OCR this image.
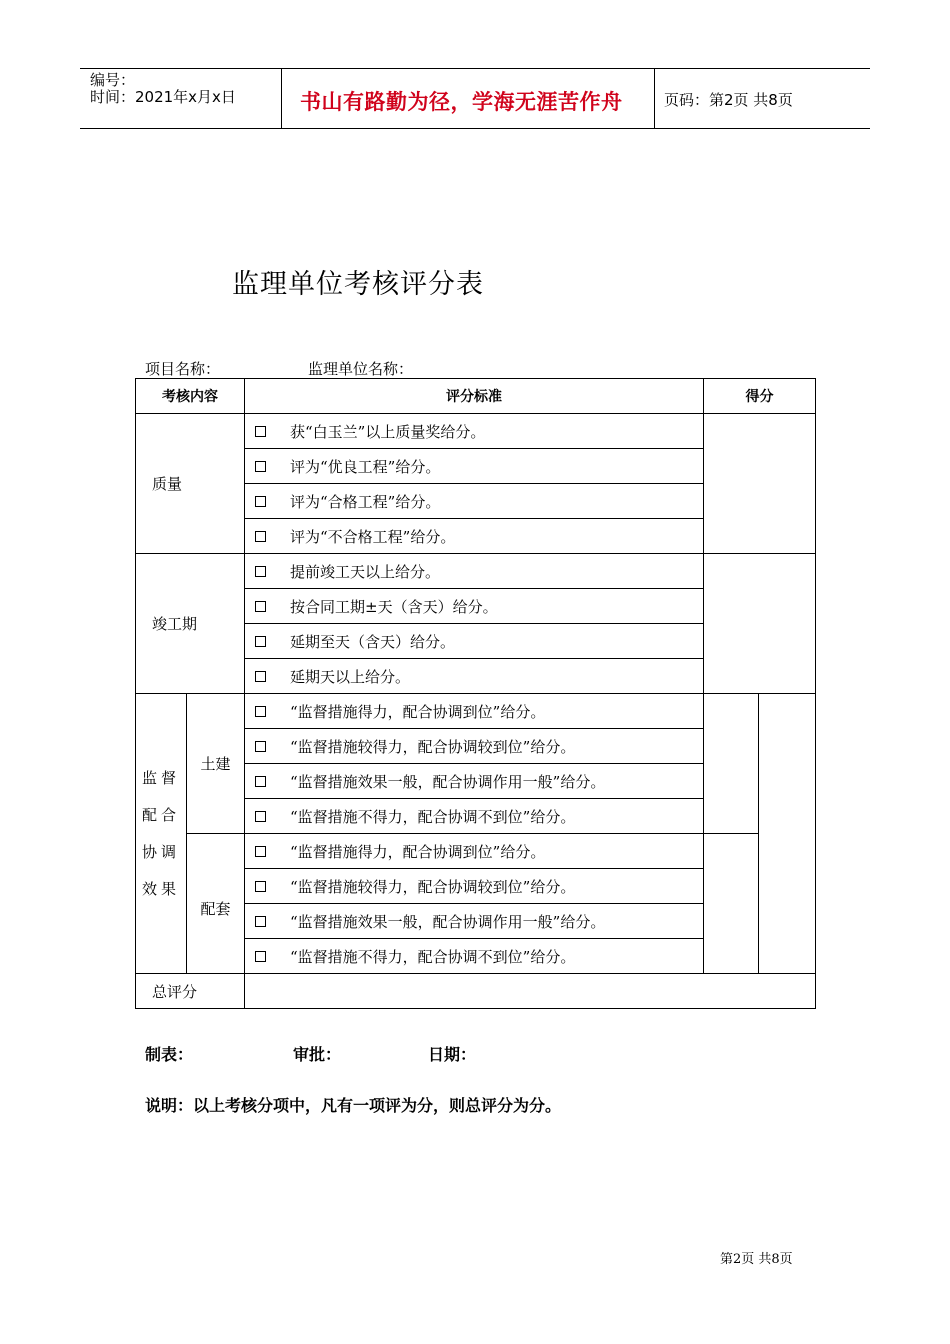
编号：
时间：2021年x月x日	书山有路勤为径，学海无涯苦作舟	页码：第2页 共8页
监理单位考核评分表
项目名称：	监理单位名称：
考核内容		评分标准	得分	
质量		获“白玉兰”以上质量奖给分。		
		评为“优良工程”给分。		
		评为“合格工程”给分。		
		评为“不合格工程”给分。		
竣工期		提前竣工天以上给分。		
		按合同工期±天（含天）给分。		
		延期至天（含天）给分。		
		延期天以上给分。		

监督
配合
协调
效果	土建	“监督措施得力，配合协调到位”给分。		
		“监督措施较得力，配合协调较到位”给分。		
		“监督措施效果一般，配合协调作用一般”给分。		
		“监督措施不得力，配合协调不到位”给分。		
	配套	“监督措施得力，配合协调到位”给分。		
		“监督措施较得力，配合协调较到位”给分。		
		“监督措施效果一般，配合协调作用一般”给分。		
		“监督措施不得力，配合协调不到位”给分。		
总评分				
制表：	审批：	日期：
说明：以上考核分项中，凡有一项评为分，则总评分为分。
第2页 共8页
